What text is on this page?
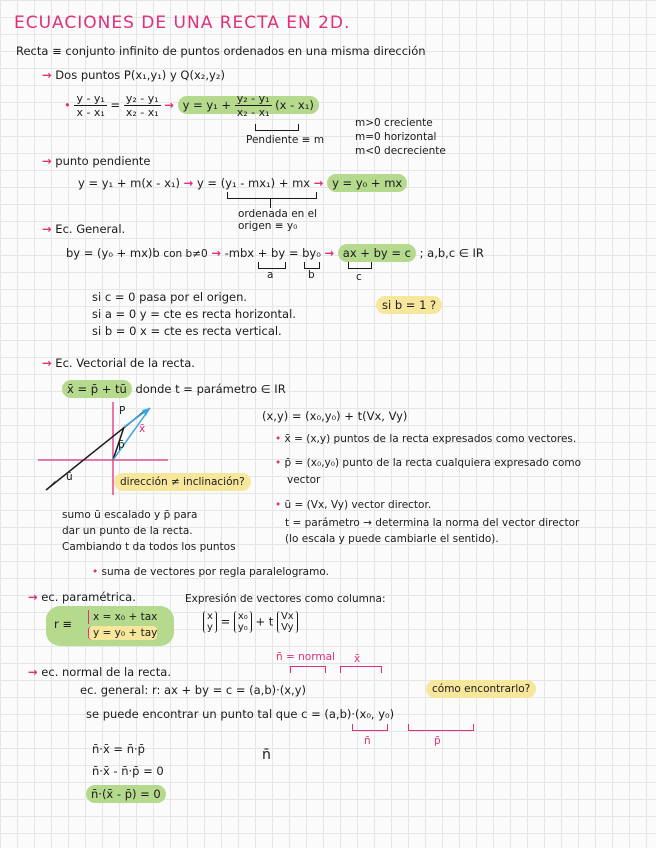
ECUACIONES DE UNA RECTA EN 2D.
Recta ≡ conjunto infinito de puntos ordenados en una misma dirección
→ Dos puntos P(x₁,y₁) y Q(x₂,y₂)
• $\frac{\text{y - y₁}}{\text{x - x₁}} = \frac{\text{y₂ - y₁}}{\text{x₂ - x₁}} \to y = y_1 + \frac{\text{y₂ - y₁}}{\text{x₂ - x₁}} (x - x_1)$
Pendiente ≡ m
m>0 creciente
m=0 horizontal
m<0 decreciente
→ punto pendiente
y = y₁ + m(x - x₁) → y = (y₁ - mx₁) + mx → y = y₀ + mx
ordenada en el origen ≡ y₀
→ Ec. General.
by = (y₀ + mx)b con b≠0 → -mbx + by = by₀ → ax + by = c ; a,b,c ∈ IR
a	b	c
si c = 0 pasa por el origen.
si a = 0 y = cte es recta horizontal.
si b = 0 x = cte es recta vertical.
si b = 1 ?
→ Ec. Vectorial de la recta.
x̄ = p̄ + tū donde t = parámetro ∈ IR
(x,y) = (x₀,y₀) + t(Vx, Vy)
• x̄ = (x,y) puntos de la recta expresados como vectores.
• p̄ = (x₀,y₀) punto de la recta cualquiera expresado como
vector
• ū = (Vx, Vy) vector director.
t = parámetro → determina la norma del vector director
(lo escala y puede cambiarle el sentido).
P
x̄
p̄
ū	dirección ≠ inclinación?
sumo ū escalado y p̄ para
dar un punto de la recta.
Cambiando t da todos los puntos
• suma de vectores por regla paralelogramo.
→ ec. paramétrica.	Expresión de vectores como columna:
r ≡	x = x₀ + tax
y = y₀ + tay
x
y = x₀
y₀ + t Vx
Vy
n̄ = normal x̄
→ ec. normal de la recta.
ec. general: r: ax + by = c = (a,b)·(x,y)	cómo encontrarlo?
se puede encontrar un punto tal que c = (a,b)·(x₀, y₀)
n̄	p̄
n̄·x̄ = n̄·p̄
n̄·x̄ - n̄·p̄ = 0
n̄·(x̄ - p̄) = 0
n̄
